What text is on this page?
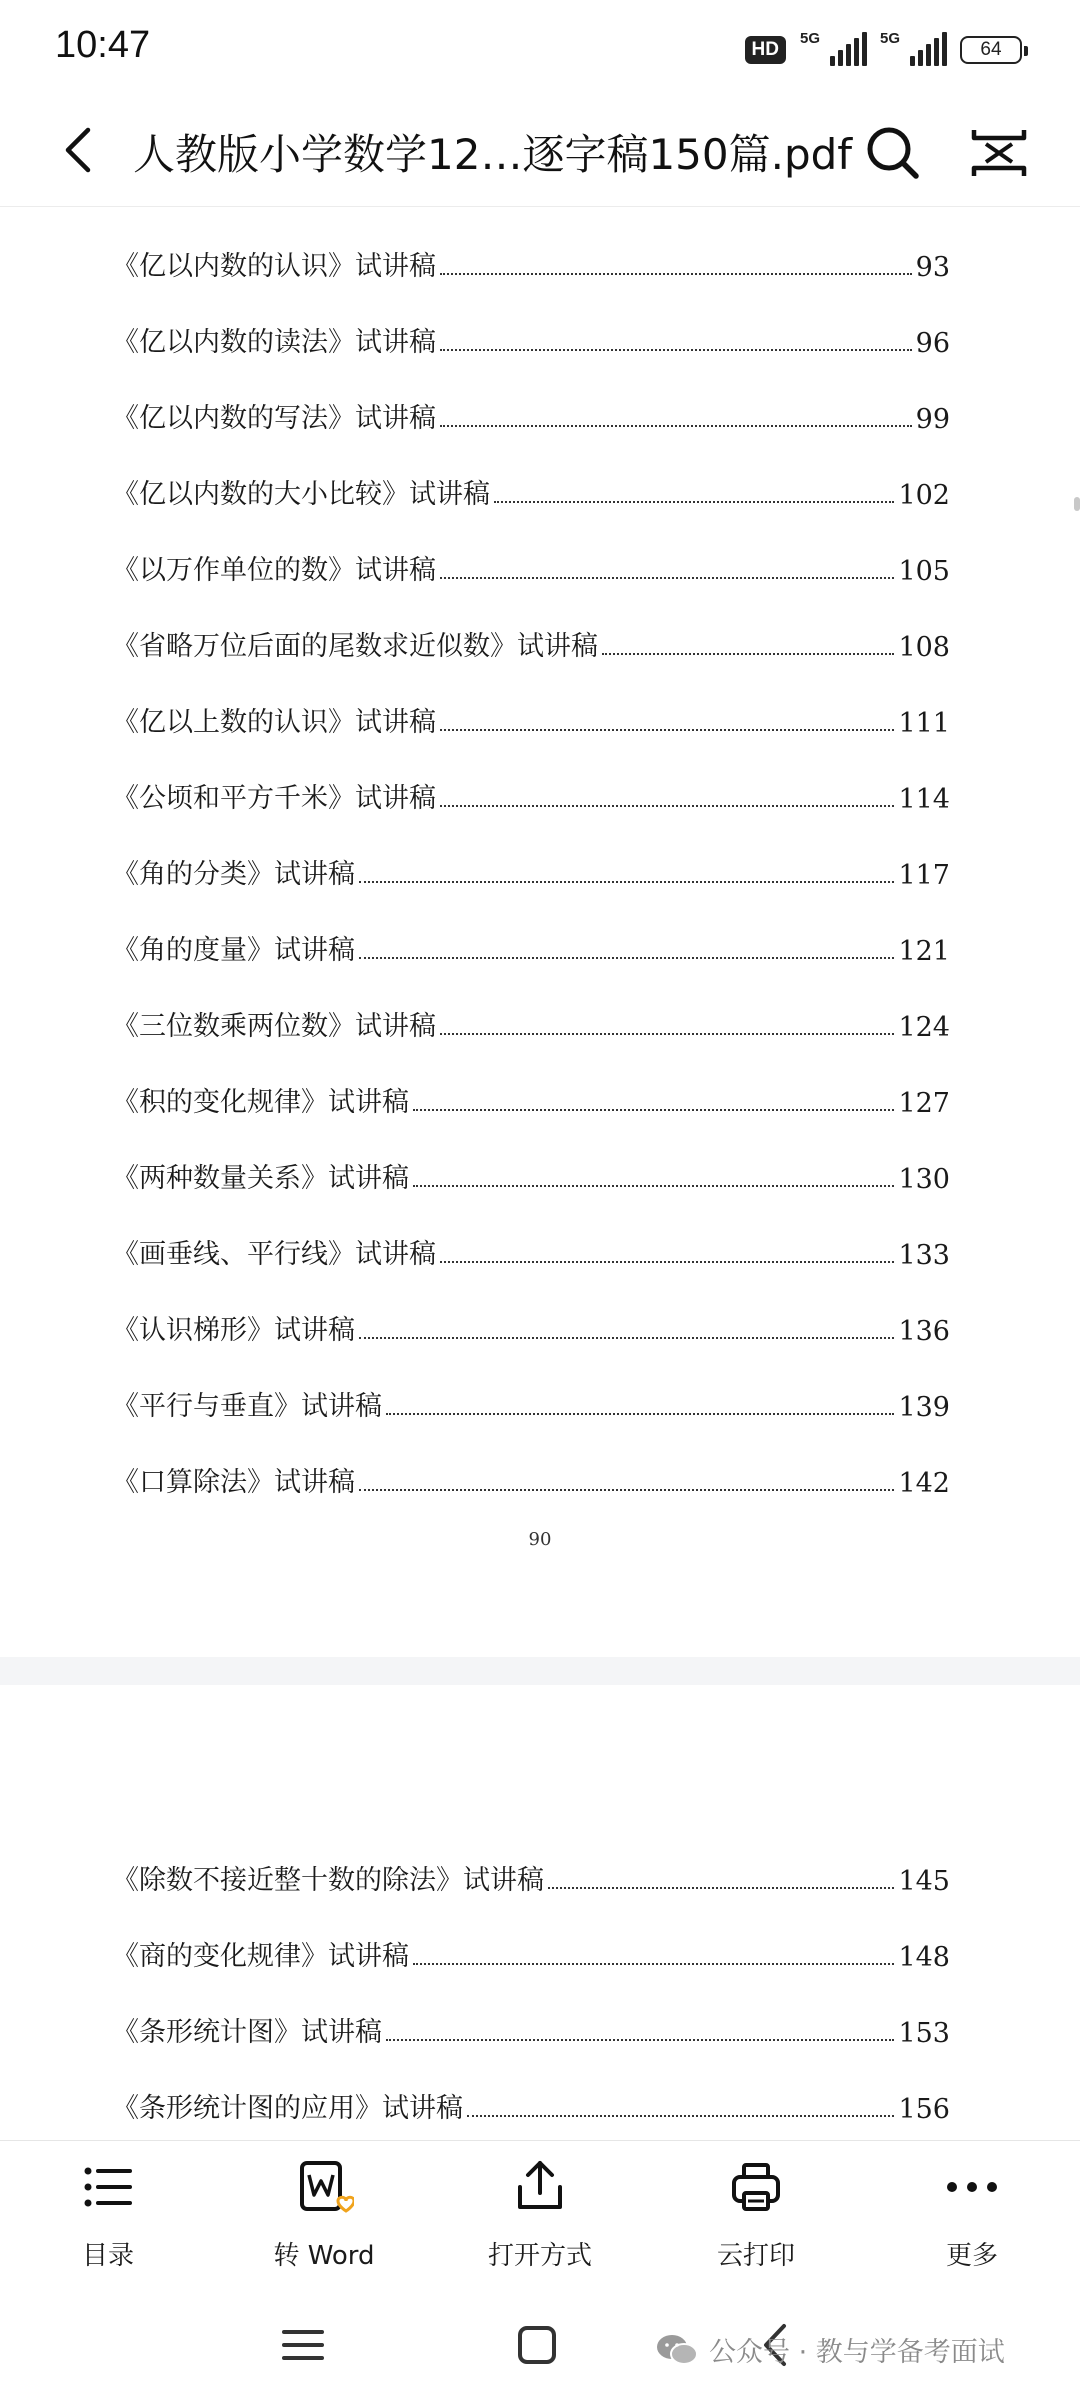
10:47	HD
5G	5G
64
人教版小学数学12…逐字稿150篇.pdf
《亿以内数的认识》试讲稿	93
《亿以内数的读法》试讲稿	96
《亿以内数的写法》试讲稿	99
《亿以内数的大小比较》试讲稿	102
《以万作单位的数》试讲稿	105
《省略万位后面的尾数求近似数》试讲稿	108
《亿以上数的认识》试讲稿	111
《公顷和平方千米》试讲稿	114
《角的分类》试讲稿	117
《角的度量》试讲稿	121
《三位数乘两位数》试讲稿	124
《积的变化规律》试讲稿	127
《两种数量关系》试讲稿	130
《画垂线、平行线》试讲稿	133
《认识梯形》试讲稿	136
《平行与垂直》试讲稿	139
《口算除法》试讲稿	142
90
《除数不接近整十数的除法》试讲稿	145
《商的变化规律》试讲稿	148
《条形统计图》试讲稿	153
《条形统计图的应用》试讲稿	156
目录	转 Word	打开方式	云打印	更多
公众号 · 教与学备考面试
